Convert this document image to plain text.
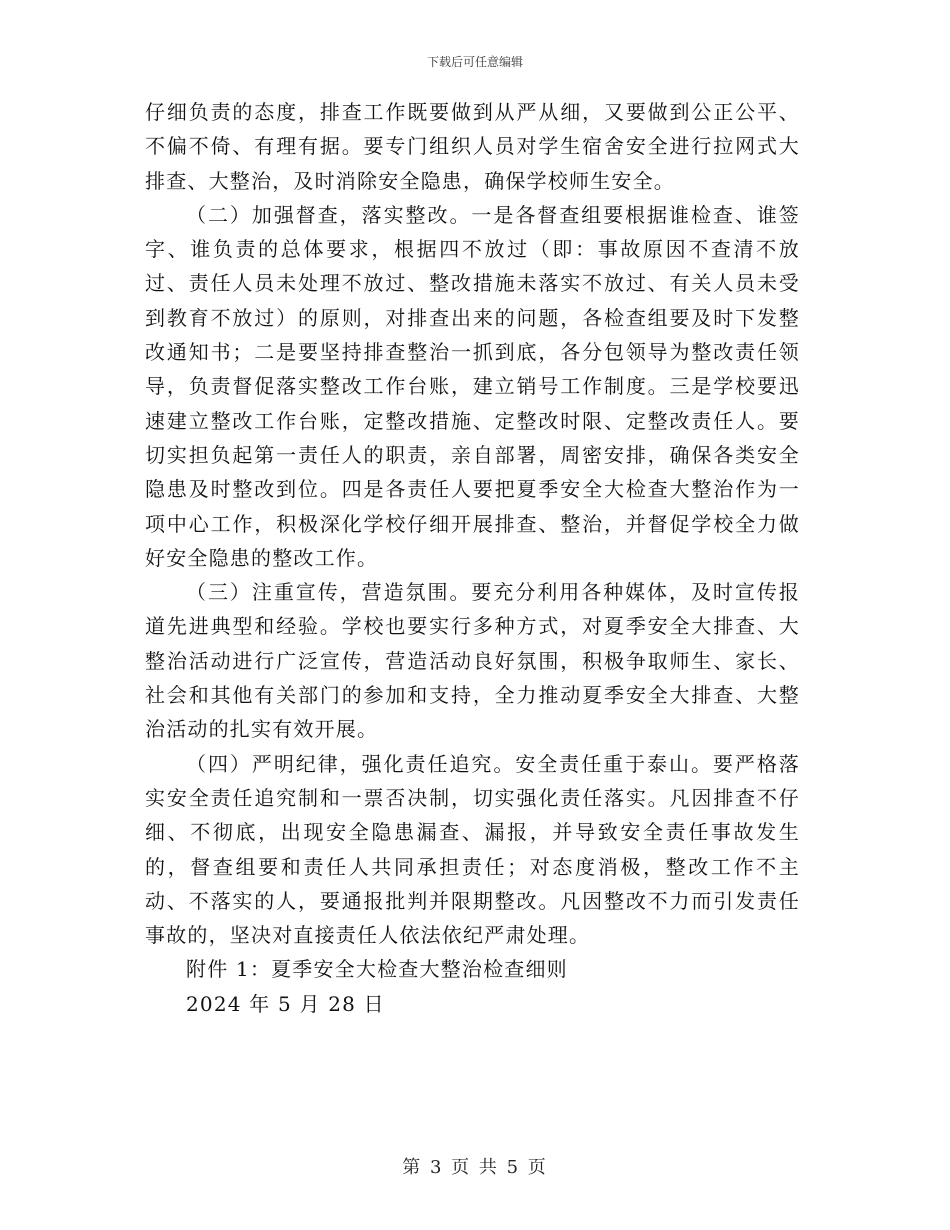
下载后可任意编辑

仔细负责的态度，排查工作既要做到从严从细，又要做到公正公平、不偏不倚、有理有据。要专门组织人员对学生宿舍安全进行拉网式大排查、大整治，及时消除安全隐患，确保学校师生安全。

（二）加强督查，落实整改。一是各督查组要根据谁检查、谁签字、谁负责的总体要求，根据四不放过（即：事故原因不查清不放过、责任人员未处理不放过、整改措施未落实不放过、有关人员未受到教育不放过）的原则，对排查出来的问题，各检查组要及时下发整改通知书；二是要坚持排查整治一抓到底，各分包领导为整改责任领导，负责督促落实整改工作台账，建立销号工作制度。三是学校要迅速建立整改工作台账，定整改措施、定整改时限、定整改责任人。要切实担负起第一责任人的职责，亲自部署，周密安排，确保各类安全隐患及时整改到位。四是各责任人要把夏季安全大检查大整治作为一项中心工作，积极深化学校仔细开展排查、整治，并督促学校全力做好安全隐患的整改工作。

（三）注重宣传，营造氛围。要充分利用各种媒体，及时宣传报道先进典型和经验。学校也要实行多种方式，对夏季安全大排查、大整治活动进行广泛宣传，营造活动良好氛围，积极争取师生、家长、社会和其他有关部门的参加和支持，全力推动夏季安全大排查、大整治活动的扎实有效开展。

（四）严明纪律，强化责任追究。安全责任重于泰山。要严格落实安全责任追究制和一票否决制，切实强化责任落实。凡因排查不仔细、不彻底，出现安全隐患漏查、漏报，并导致安全责任事故发生的，督查组要和责任人共同承担责任；对态度消极，整改工作不主动、不落实的人，要通报批判并限期整改。凡因整改不力而引发责任事故的，坚决对直接责任人依法依纪严肃处理。

附件 1：夏季安全大检查大整治检查细则

2024 年 5 月 28 日

第 3 页 共 5 页
